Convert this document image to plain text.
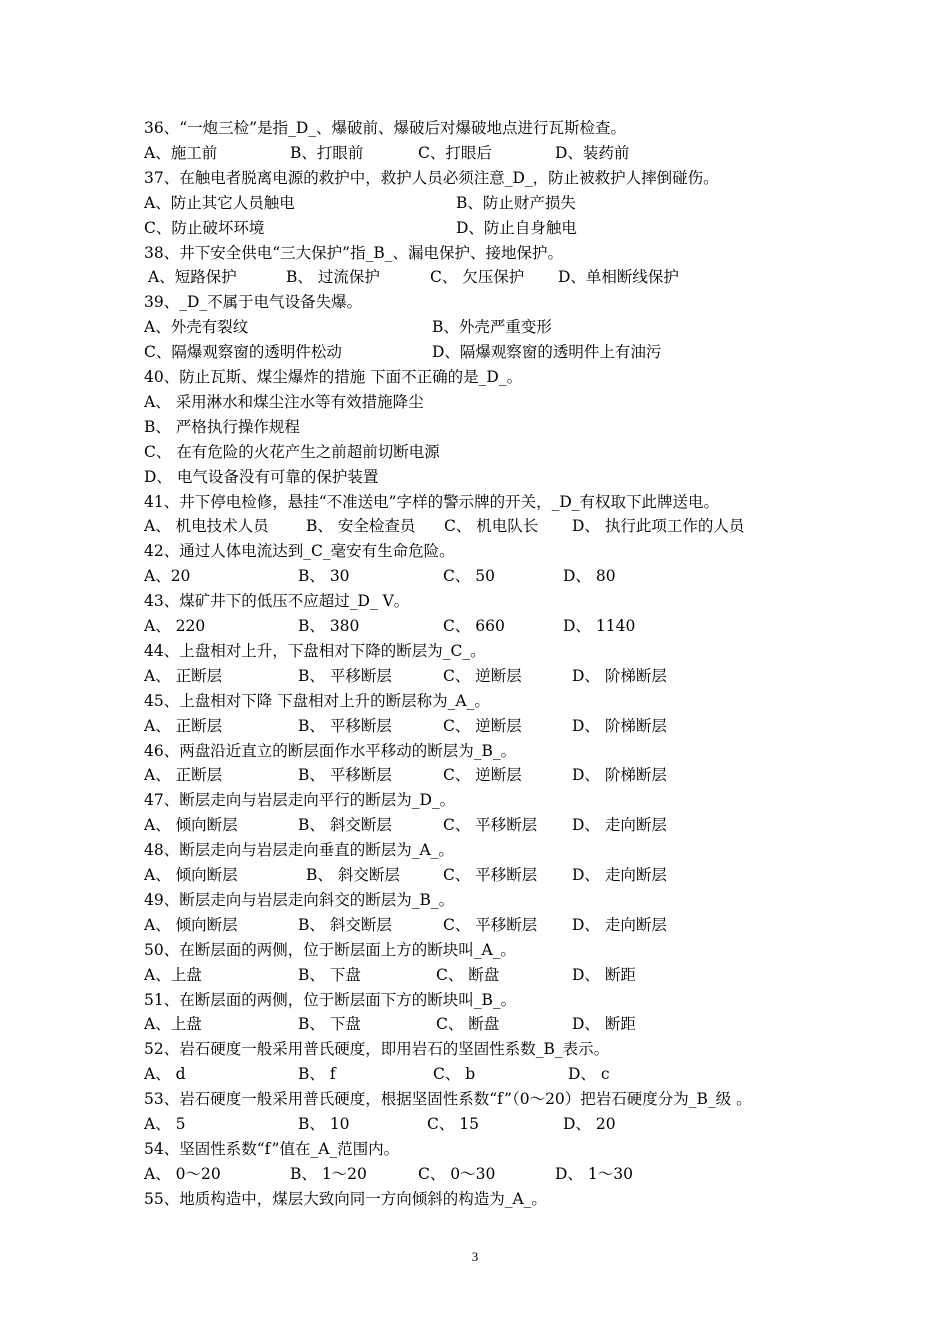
36、“一炮三检”是指_D_、爆破前、爆破后对爆破地点进行瓦斯检查。
A、施工前	B、打眼前	C、打眼后	D、装药前
37、在触电者脱离电源的救护中，救护人员必须注意_D_，防止被救护人摔倒碰伤。
A、防止其它人员触电	B、防止财产损失
C、防止破坏环境	D、防止自身触电
38、井下安全供电“三大保护”指_B_、漏电保护、接地保护。
A、短路保护	B、 过流保护	C、 欠压保护 D、单相断线保护
39、_D_不属于电气设备失爆。
A、外壳有裂纹	B、外壳严重变形
C、隔爆观察窗的透明件松动	D、隔爆观察窗的透明件上有油污
40、防止瓦斯、煤尘爆炸的措施 下面不正确的是_D_。
A、 采用淋水和煤尘注水等有效措施降尘
B、 严格执行操作规程
C、 在有危险的火花产生之前超前切断电源
D、 电气设备没有可靠的保护装置
41、井下停电检修，悬挂“不准送电”字样的警示牌的开关，_D_有权取下此牌送电。
A、 机电技术人员 B、 安全检查员 C、 机电队长 D、 执行此项工作的人员
42、通过人体电流达到_C_毫安有生命危险。
A、20	B、 30	C、 50	D、 80
43、煤矿井下的低压不应超过_D_ V。
A、 220	B、 380	C、 660	D、 1140
44、上盘相对上升，下盘相对下降的断层为_C_。
A、 正断层	B、 平移断层	C、 逆断层	D、 阶梯断层
45、上盘相对下降 下盘相对上升的断层称为_A_。
A、 正断层	B、 平移断层	C、 逆断层	D、 阶梯断层
46、两盘沿近直立的断层面作水平移动的断层为_B_。
A、 正断层	B、 平移断层	C、 逆断层	D、 阶梯断层
47、断层走向与岩层走向平行的断层为_D_。
A、 倾向断层	B、 斜交断层	C、 平移断层 D、 走向断层
48、断层走向与岩层走向垂直的断层为_A_。
A、 倾向断层	B、 斜交断层	C、 平移断层 D、 走向断层
49、断层走向与岩层走向斜交的断层为_B_。
A、 倾向断层	B、 斜交断层	C、 平移断层 D、 走向断层
50、在断层面的两侧，位于断层面上方的断块叫_A_。
A、上盘	B、 下盘	C、 断盘	D、 断距
51、在断层面的两侧，位于断层面下方的断块叫_B_。
A、上盘	B、 下盘	C、 断盘	D、 断距
52、岩石硬度一般采用普氏硬度，即用岩石的坚固性系数_B_表示。
A、 d	B、 f	C、 b	D、 c
53、岩石硬度一般采用普氏硬度，根据坚固性系数“f”（0～20）把岩石硬度分为_B_级 。
A、 5	B、 10	C、 15	D、 20
54、坚固性系数“f”值在_A_范围内。
A、 0～20	B、 1～20	C、 0～30	D、 1～30
55、地质构造中，煤层大致向同一方向倾斜的构造为_A_。
3
